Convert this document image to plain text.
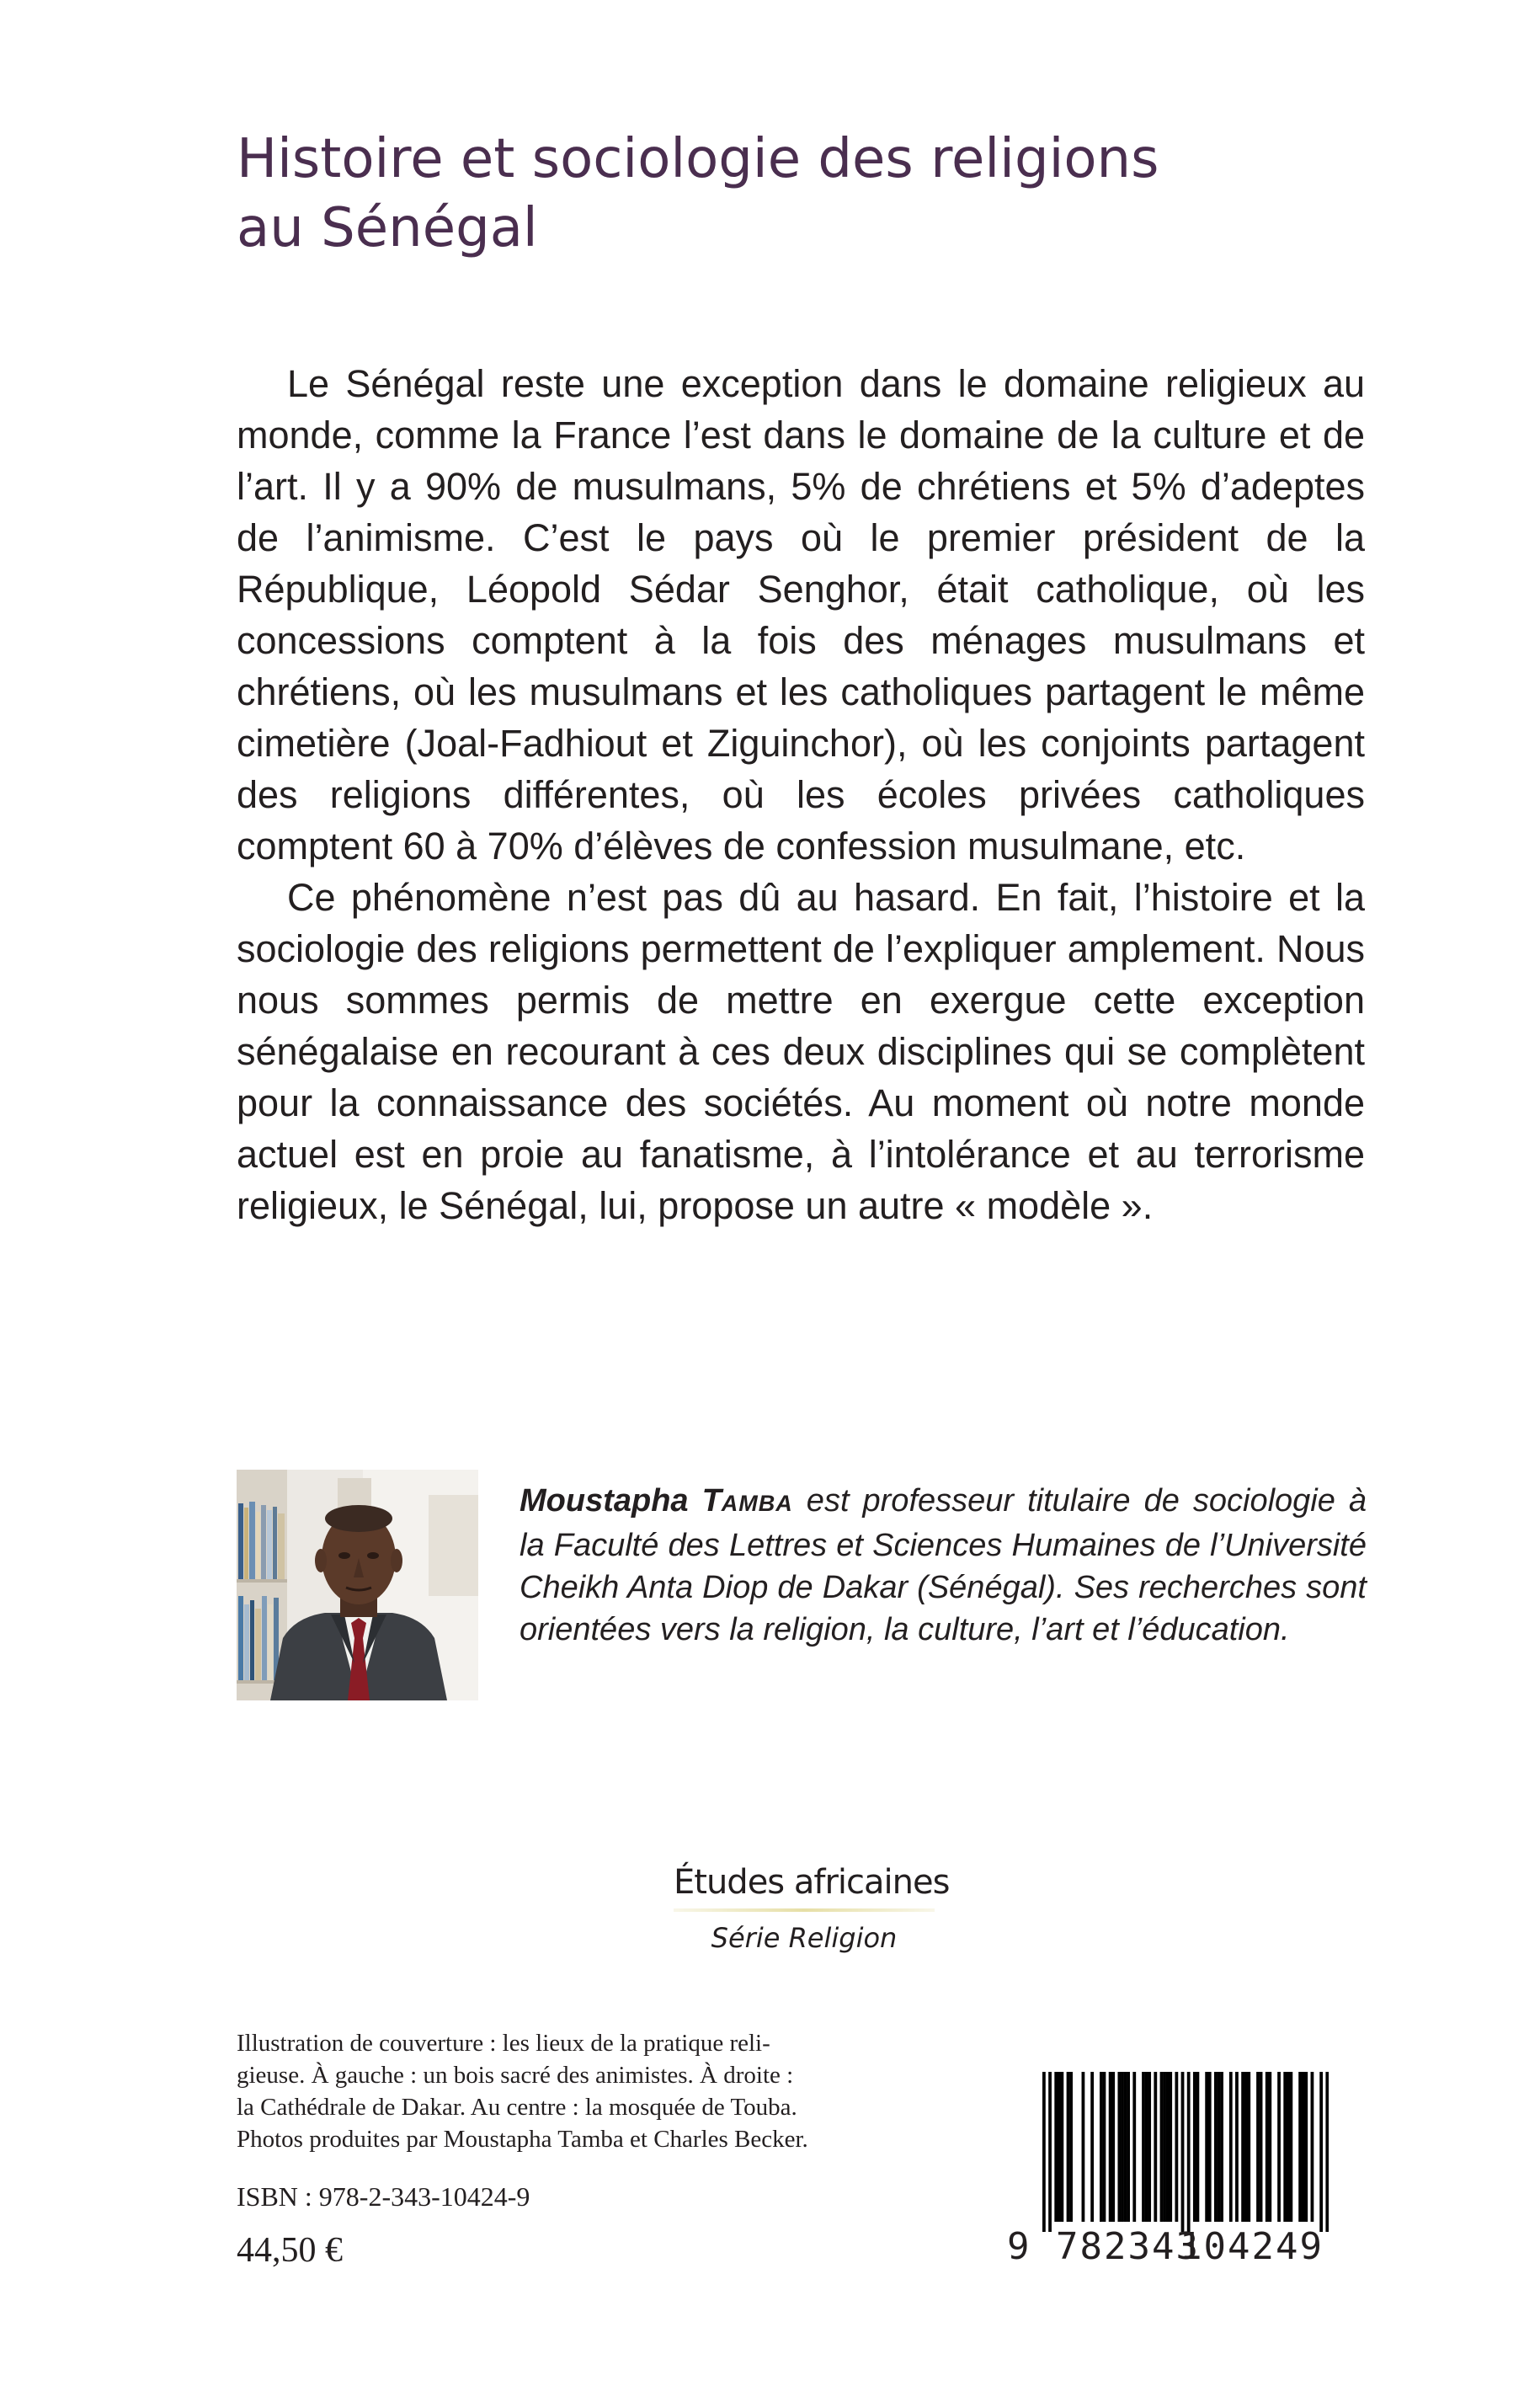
Histoire et sociologie des religions
au Sénégal

Le Sénégal reste une exception dans le domaine religieux au monde, comme la France l’est dans le domaine de la culture et de l’art. Il y a 90% de musulmans, 5% de chrétiens et 5% d’adeptes de l’animisme. C’est le pays où le premier président de la République, Léopold Sédar Senghor, était catholique, où les concessions comptent à la fois des ménages musulmans et chrétiens, où les musulmans et les catholiques partagent le même cimetière (Joal-Fadhiout et Ziguinchor), où les conjoints partagent des religions différentes, où les écoles privées catholiques comptent 60 à 70% d’élèves de confession musulmane, etc.

Ce phénomène n’est pas dû au hasard. En fait, l’histoire et la sociologie des religions permettent de l’expliquer amplement. Nous nous sommes permis de mettre en exergue cette exception sénégalaise en recourant à ces deux disciplines qui se complètent pour la connaissance des sociétés. Au moment où notre monde actuel est en proie au fanatisme, à l’intolérance et au terrorisme religieux, le Sénégal, lui, propose un autre « modèle ».

Moustapha TAMBA est professeur titulaire de sociologie à la Faculté des Lettres et Sciences Humaines de l’Université Cheikh Anta Diop de Dakar (Sénégal). Ses recherches sont orientées vers la religion, la culture, l’art et l’éducation.
Études africaines
Série Religion
Illustration de couverture : les lieux de la pratique reli-
gieuse. À gauche : un bois sacré des animistes. À droite :
la Cathédrale de Dakar. Au centre : la mosquée de Touba.
Photos produites par Moustapha Tamba et Charles Becker.
ISBN : 978-2-343-10424-9
44,50 €	9 782343
104249
